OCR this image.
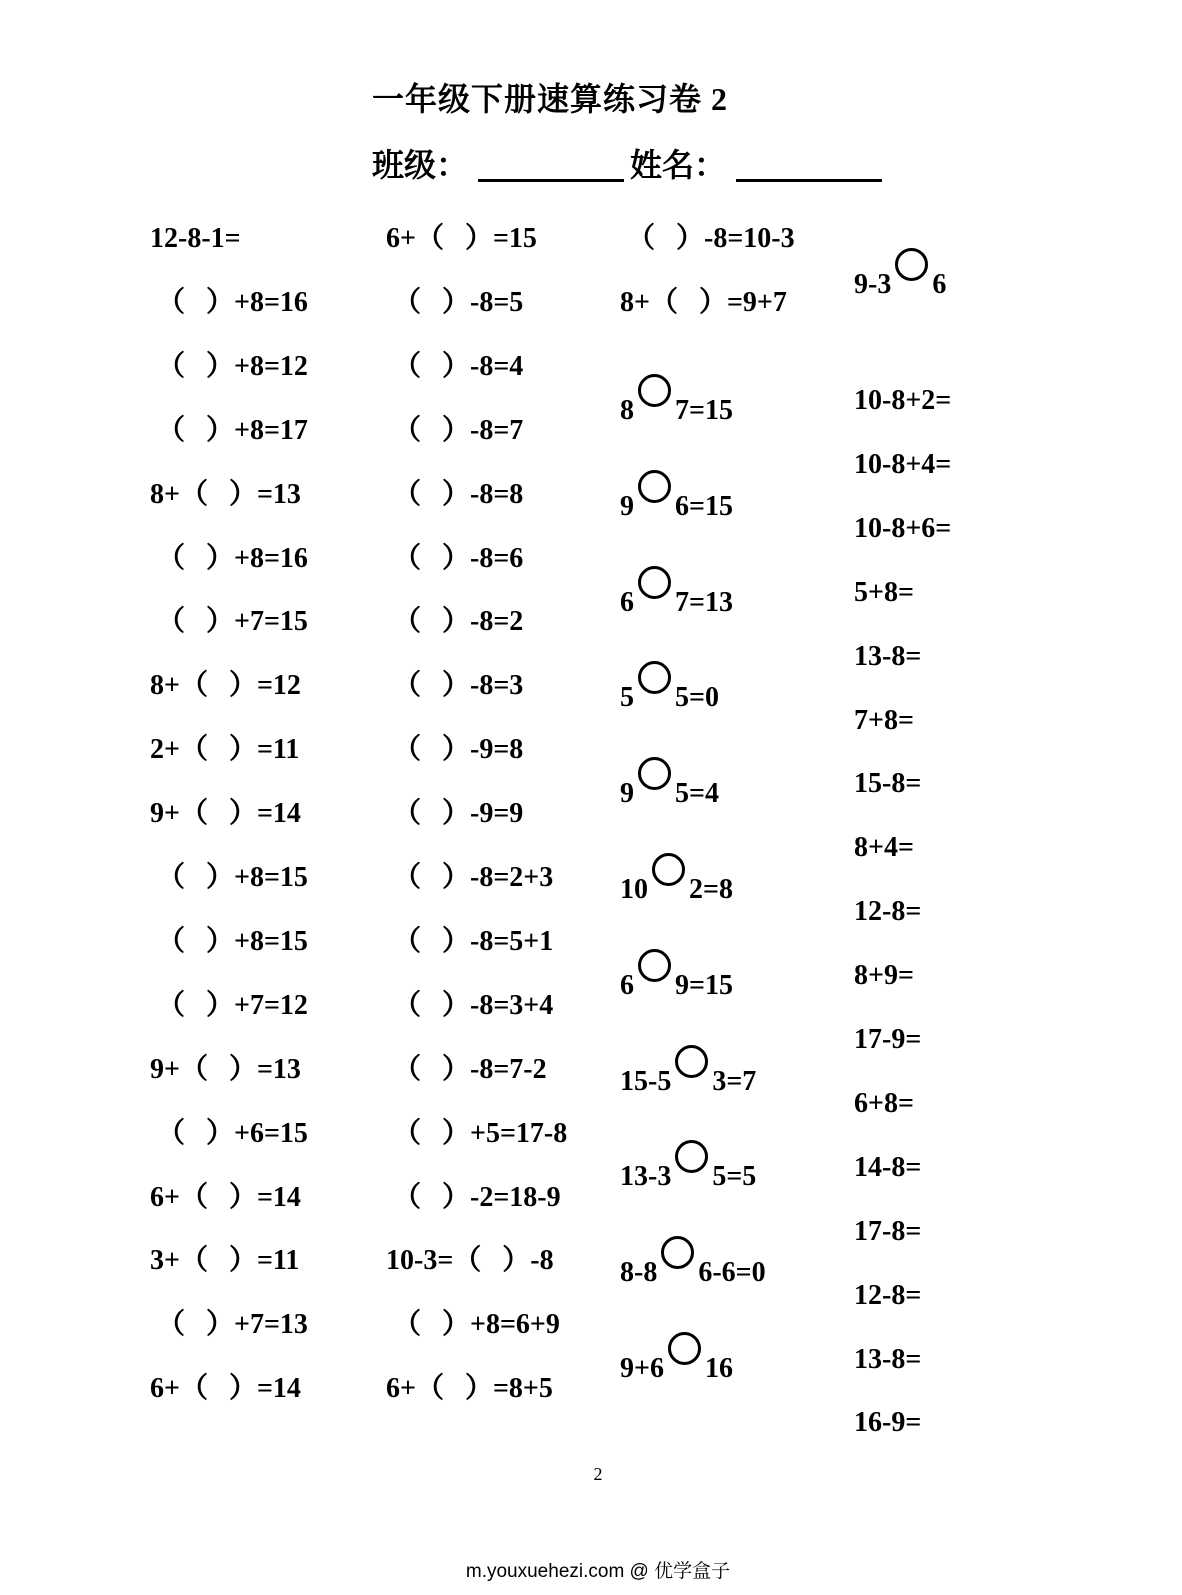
一年级下册速算练习卷 2
班级：	姓名：
12-8-1=
（   ）+8=16
（   ）+8=12
（   ）+8=17
8+（   ）=13
（   ）+8=16
（   ）+7=15
8+（   ）=12
2+（   ）=11
9+（   ）=14
（   ）+8=15
（   ）+8=15
（   ）+7=12
9+（   ）=13
（   ）+6=15
6+（   ）=14
3+（   ）=11
（   ）+7=13
6+（   ）=14
6+（   ）=15
（   ）-8=5
（   ）-8=4
（   ）-8=7
（   ）-8=8
（   ）-8=6
（   ）-8=2
（   ）-8=3
（   ）-9=8
（   ）-9=9
（   ）-8=2+3
（   ）-8=5+1
（   ）-8=3+4
（   ）-8=7-2
（   ）+5=17-8
（   ）-2=18-9
10-3=（   ）-8
（   ）+8=6+9
6+（   ）=8+5
（   ）-8=10-3
8+（   ）=9+7
8 7=15
9 6=15
6 7=13
5 5=0
9 5=4
10 2=8
6 9=15
15-5 3=7
13-3 5=5
8-8 6-6=0
9+6 16
9-3 6
10-8+2=
10-8+4=
10-8+6=
5+8=
13-8=
7+8=
15-8=
8+4=
12-8=
8+9=
17-9=
6+8=
14-8=
17-8=
12-8=
13-8=
16-9=
2
m.youxuehezi.com @ 优学盒子
